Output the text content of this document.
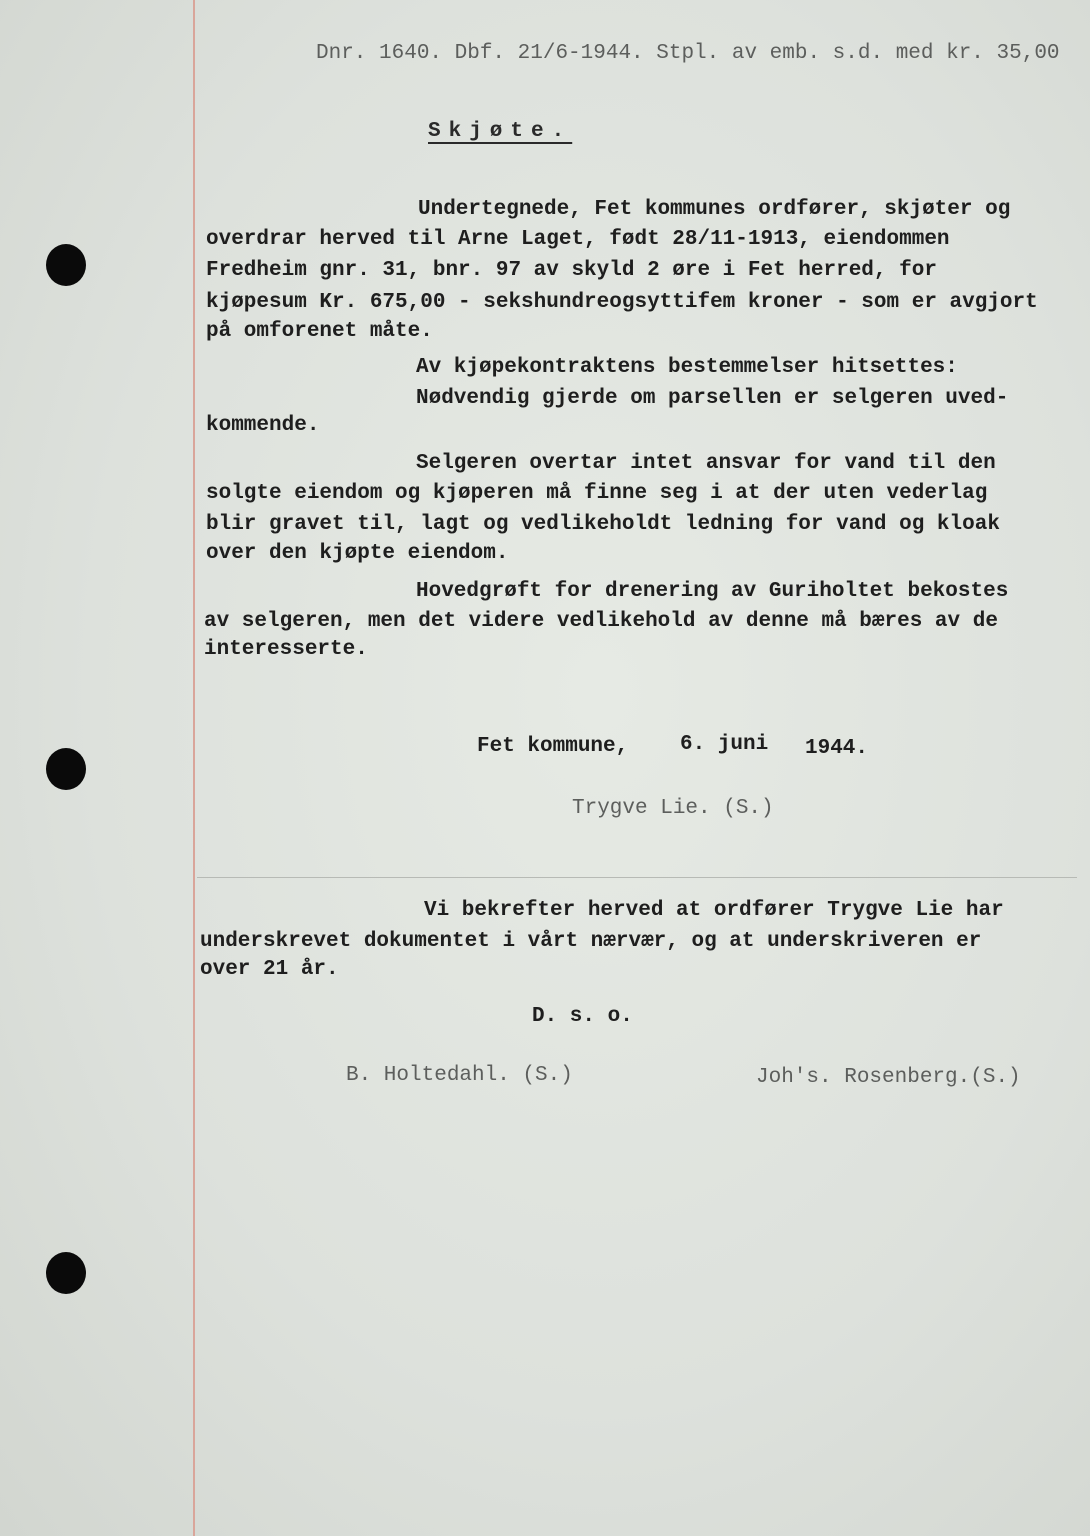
Dnr. 1640. Dbf. 21/6-1944. Stpl. av emb. s.d. med kr. 35,00
Skjøte.
Undertegnede, Fet kommunes ordfører, skjøter og
overdrar herved til Arne Laget, født 28/11-1913, eiendommen
Fredheim gnr. 31, bnr. 97 av skyld 2 øre i Fet herred, for
kjøpesum Kr. 675,00 - sekshundreogsyttifem kroner - som er avgjort
på omforenet måte.
Av kjøpekontraktens bestemmelser hitsettes:
Nødvendig gjerde om parsellen er selgeren uved-
kommende.
Selgeren overtar intet ansvar for vand til den
solgte eiendom og kjøperen må finne seg i at der uten vederlag
blir gravet til, lagt og vedlikeholdt ledning for vand og kloak
over den kjøpte eiendom.
Hovedgrøft for drenering av Guriholtet bekostes
av selgeren, men det videre vedlikehold av denne må bæres av de
interesserte.
Fet kommune, 6. juni 1944.
Trygve Lie. (S.)
Vi bekrefter herved at ordfører Trygve Lie har
underskrevet dokumentet i vårt nærvær, og at underskriveren er
over 21 år.
D. s. o.
B. Holtedahl. (S.)	Joh's. Rosenberg.(S.)
